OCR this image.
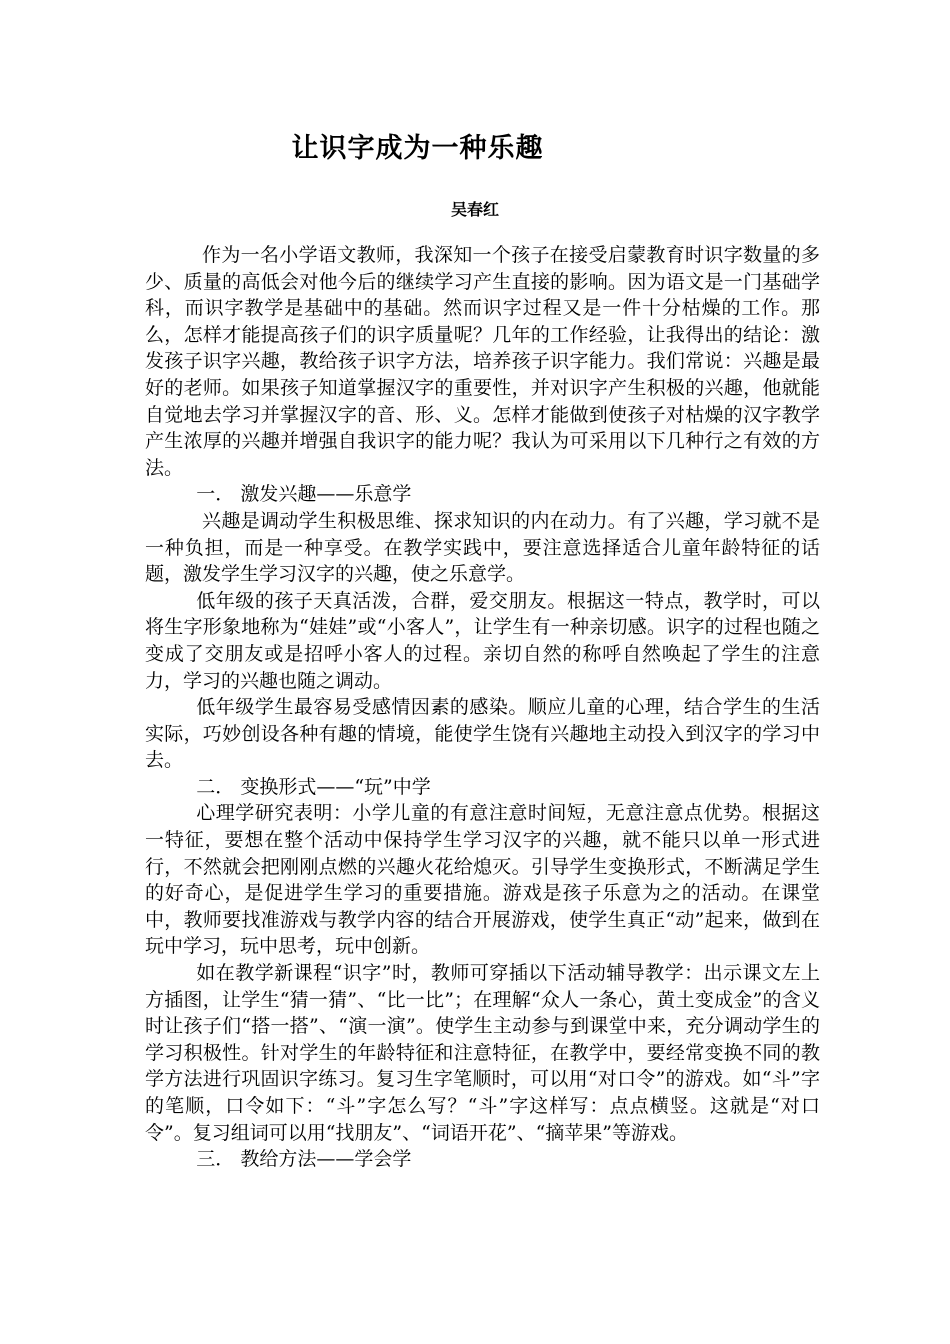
让识字成为一种乐趣
吴春红

作为一名小学语文教师，我深知一个孩子在接受启蒙教育时识字数量的多少、质量的高低会对他今后的继续学习产生直接的影响。因为语文是一门基础学科，而识字教学是基础中的基础。然而识字过程又是一件十分枯燥的工作。那么，怎样才能提高孩子们的识字质量呢？几年的工作经验，让我得出的结论：激发孩子识字兴趣，教给孩子识字方法，培养孩子识字能力。我们常说：兴趣是最好的老师。如果孩子知道掌握汉字的重要性，并对识字产生积极的兴趣，他就能自觉地去学习并掌握汉字的音、形、义。怎样才能做到使孩子对枯燥的汉字教学产生浓厚的兴趣并增强自我识字的能力呢？我认为可采用以下几种行之有效的方法。

一． 激发兴趣——乐意学

兴趣是调动学生积极思维、探求知识的内在动力。有了兴趣，学习就不是一种负担，而是一种享受。在教学实践中，要注意选择适合儿童年龄特征的话题，激发学生学习汉字的兴趣，使之乐意学。

低年级的孩子天真活泼，合群，爱交朋友。根据这一特点，教学时，可以将生字形象地称为“娃娃”或“小客人”，让学生有一种亲切感。识字的过程也随之变成了交朋友或是招呼小客人的过程。亲切自然的称呼自然唤起了学生的注意力，学习的兴趣也随之调动。

低年级学生最容易受感情因素的感染。顺应儿童的心理，结合学生的生活实际，巧妙创设各种有趣的情境，能使学生饶有兴趣地主动投入到汉字的学习中去。

二． 变换形式——“玩”中学

心理学研究表明：小学儿童的有意注意时间短，无意注意点优势。根据这一特征，要想在整个活动中保持学生学习汉字的兴趣，就不能只以单一形式进行，不然就会把刚刚点燃的兴趣火花给熄灭。引导学生变换形式，不断满足学生的好奇心，是促进学生学习的重要措施。游戏是孩子乐意为之的活动。在课堂中，教师要找准游戏与教学内容的结合开展游戏，使学生真正“动”起来，做到在玩中学习，玩中思考，玩中创新。

如在教学新课程“识字”时，教师可穿插以下活动辅导教学：出示课文左上方插图，让学生“猜一猜”、“比一比”；在理解“众人一条心，黄土变成金”的含义时让孩子们“搭一搭”、“演一演”。使学生主动参与到课堂中来，充分调动学生的学习积极性。针对学生的年龄特征和注意特征，在教学中，要经常变换不同的教学方法进行巩固识字练习。复习生字笔顺时，可以用“对口令”的游戏。如“斗”字的笔顺，口令如下：“斗”字怎么写？“斗”字这样写：点点横竖。这就是“对口令”。复习组词可以用“找朋友”、“词语开花”、“摘苹果”等游戏。

三． 教给方法——学会学
